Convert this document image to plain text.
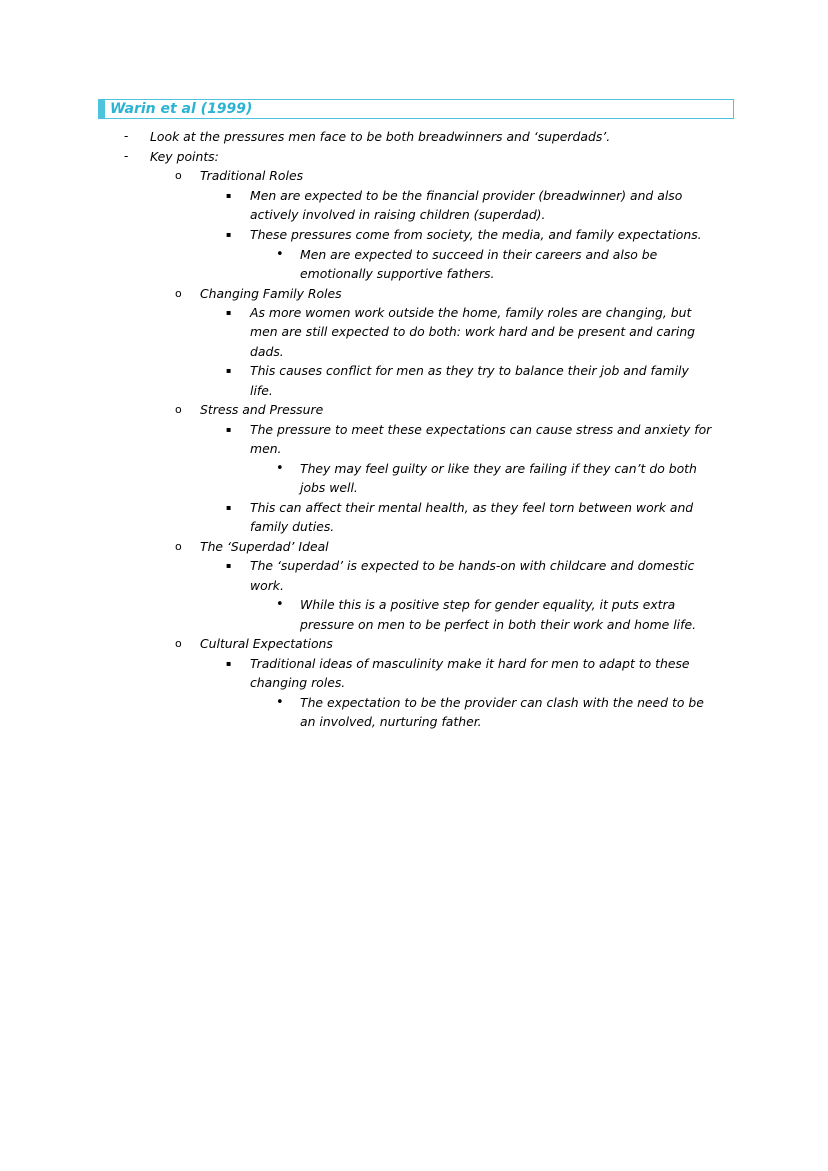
Warin et al (1999)
- Look at the pressures men face to be both breadwinners and ‘superdads’.
- Key points:
o Traditional Roles
▪ Men are expected to be the financial provider (breadwinner) and also
actively involved in raising children (superdad).
▪ These pressures come from society, the media, and family expectations.
• Men are expected to succeed in their careers and also be
emotionally supportive fathers.
o Changing Family Roles
▪ As more women work outside the home, family roles are changing, but
men are still expected to do both: work hard and be present and caring
dads.
▪ This causes conflict for men as they try to balance their job and family
life.
o Stress and Pressure
▪ The pressure to meet these expectations can cause stress and anxiety for
men.
• They may feel guilty or like they are failing if they can’t do both
jobs well.
▪ This can affect their mental health, as they feel torn between work and
family duties.
o The ‘Superdad’ Ideal
▪ The ‘superdad’ is expected to be hands-on with childcare and domestic
work.
• While this is a positive step for gender equality, it puts extra
pressure on men to be perfect in both their work and home life.
o Cultural Expectations
▪ Traditional ideas of masculinity make it hard for men to adapt to these
changing roles.
• The expectation to be the provider can clash with the need to be
an involved, nurturing father.
